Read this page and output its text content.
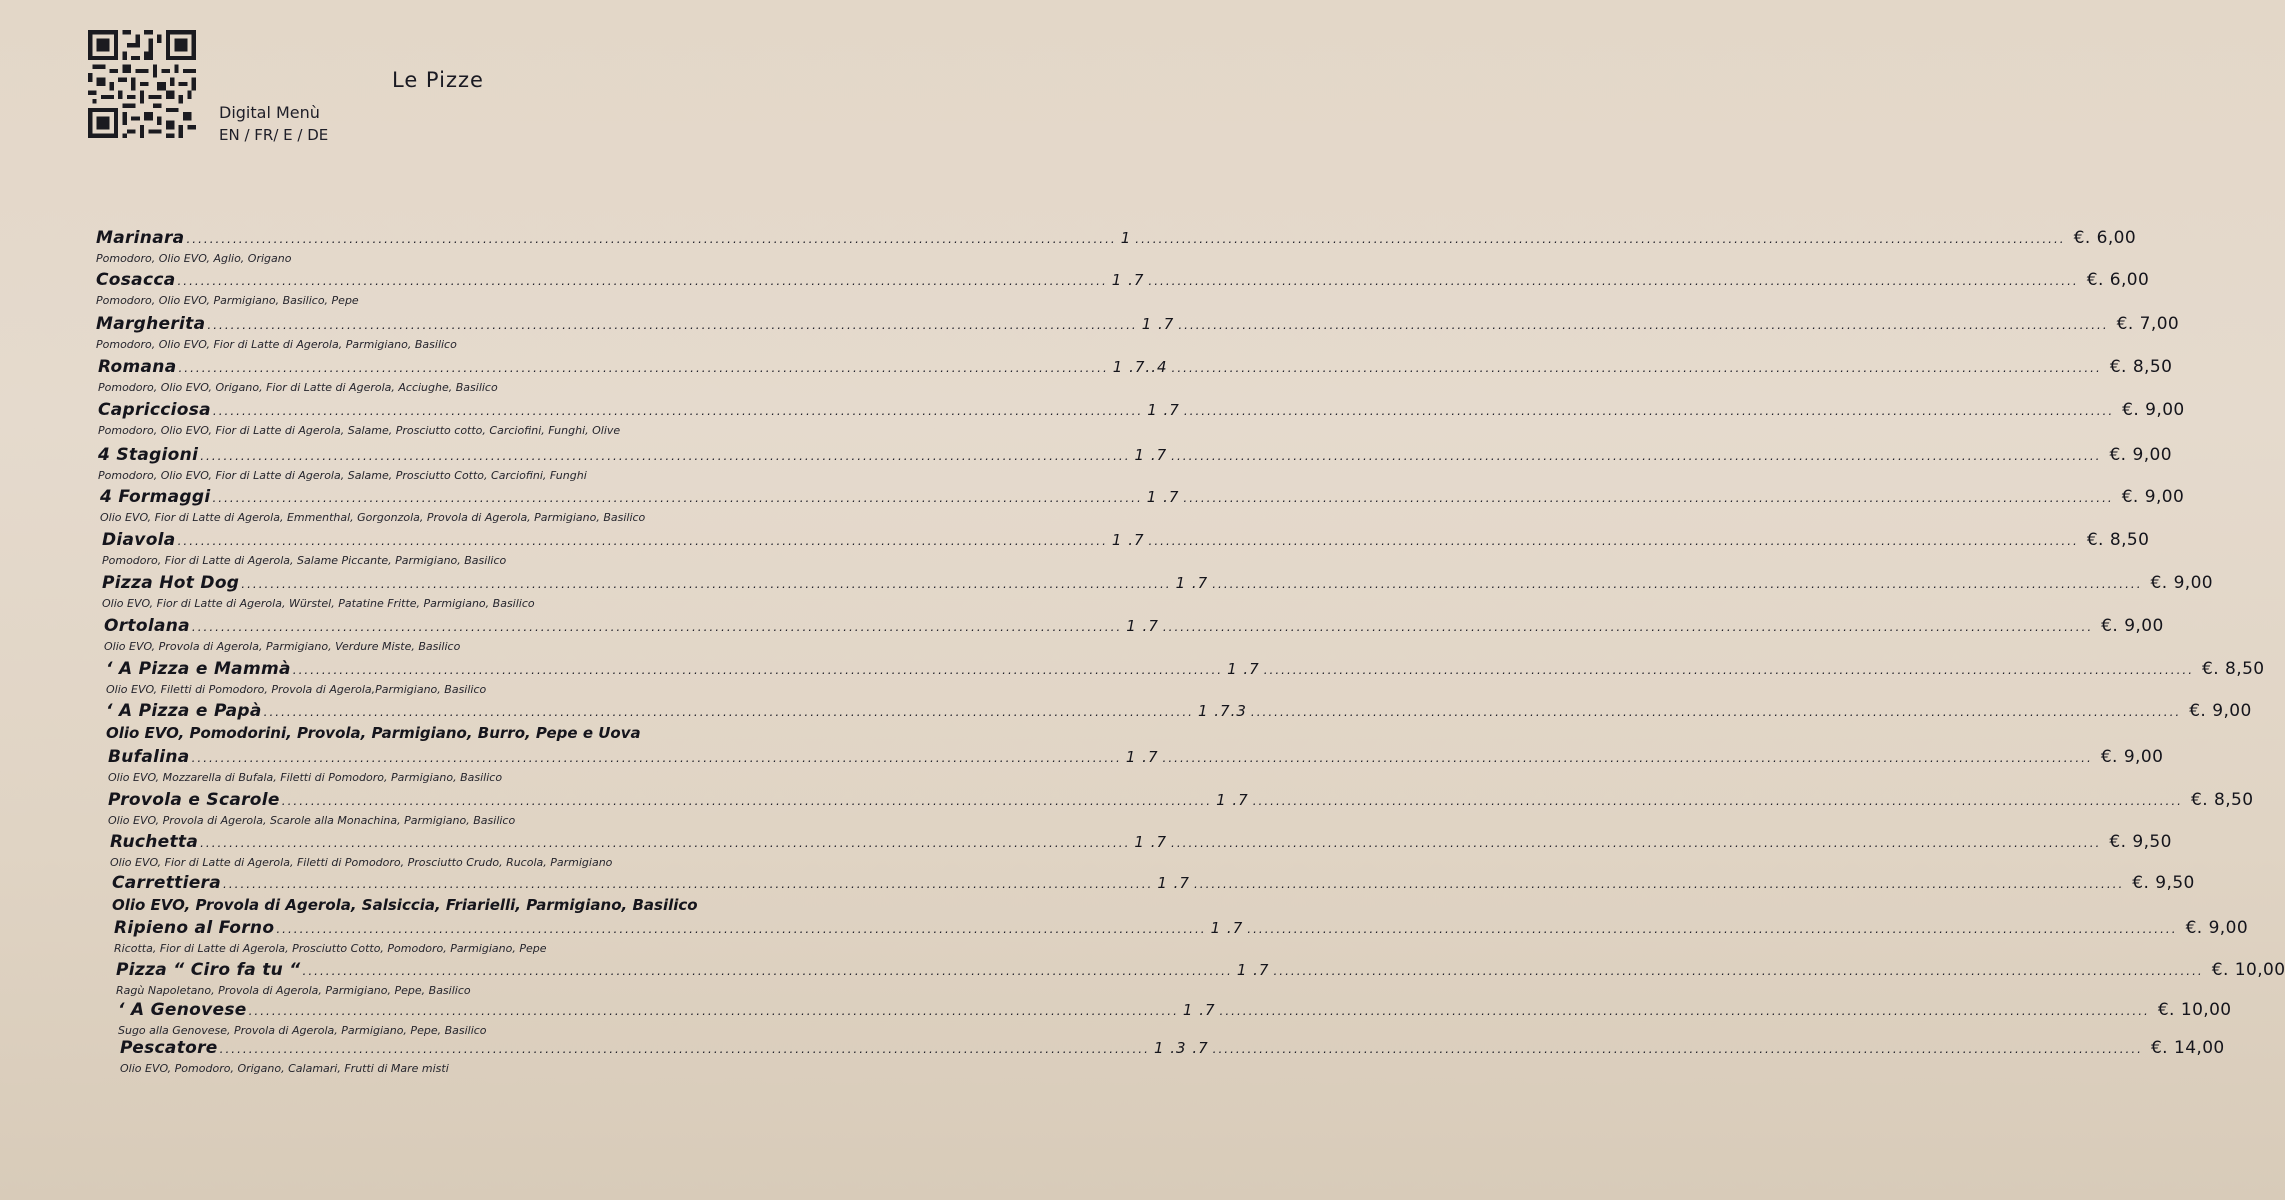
Le Pizze
Digital Menù
EN / FR/ E / DE
Marinara ................................................................................................................................................................ 1 ................................................................................................................................................................ €. 6,00
Pomodoro, Olio EVO, Aglio, Origano
Cosacca ................................................................................................................................................................ 1 .7 ................................................................................................................................................................ €. 6,00
Pomodoro, Olio EVO, Parmigiano, Basilico, Pepe
Margherita ................................................................................................................................................................ 1 .7 ................................................................................................................................................................ €. 7,00
Pomodoro, Olio EVO, Fior di Latte di Agerola, Parmigiano, Basilico
Romana ................................................................................................................................................................ 1 .7..4 ................................................................................................................................................................ €. 8,50
Pomodoro, Olio EVO, Origano, Fior di Latte di Agerola, Acciughe, Basilico
Capricciosa ................................................................................................................................................................ 1 .7 ................................................................................................................................................................ €. 9,00
Pomodoro, Olio EVO, Fior di Latte di Agerola, Salame, Prosciutto cotto, Carciofini, Funghi, Olive
4 Stagioni ................................................................................................................................................................ 1 .7 ................................................................................................................................................................ €. 9,00
Pomodoro, Olio EVO, Fior di Latte di Agerola, Salame, Prosciutto Cotto, Carciofini, Funghi
4 Formaggi ................................................................................................................................................................ 1 .7 ................................................................................................................................................................ €. 9,00
Olio EVO, Fior di Latte di Agerola, Emmenthal, Gorgonzola, Provola di Agerola, Parmigiano, Basilico
Diavola ................................................................................................................................................................ 1 .7 ................................................................................................................................................................ €. 8,50
Pomodoro, Fior di Latte di Agerola, Salame Piccante, Parmigiano, Basilico
Pizza Hot Dog ................................................................................................................................................................ 1 .7 ................................................................................................................................................................ €. 9,00
Olio EVO, Fior di Latte di Agerola, Würstel, Patatine Fritte, Parmigiano, Basilico
Ortolana ................................................................................................................................................................ 1 .7 ................................................................................................................................................................ €. 9,00
Olio EVO, Provola di Agerola, Parmigiano, Verdure Miste, Basilico
‘ A Pizza e Mammà ................................................................................................................................................................ 1 .7 ................................................................................................................................................................ €. 8,50
Olio EVO, Filetti di Pomodoro, Provola di Agerola,Parmigiano, Basilico
‘ A Pizza e Papà ................................................................................................................................................................ 1 .7.3 ................................................................................................................................................................ €. 9,00
Olio EVO, Pomodorini, Provola, Parmigiano, Burro, Pepe e Uova
Bufalina ................................................................................................................................................................ 1 .7 ................................................................................................................................................................ €. 9,00
Olio EVO, Mozzarella di Bufala, Filetti di Pomodoro, Parmigiano, Basilico
Provola e Scarole ................................................................................................................................................................ 1 .7 ................................................................................................................................................................ €. 8,50
Olio EVO, Provola di Agerola, Scarole alla Monachina, Parmigiano, Basilico
Ruchetta ................................................................................................................................................................ 1 .7 ................................................................................................................................................................ €. 9,50
Olio EVO, Fior di Latte di Agerola, Filetti di Pomodoro, Prosciutto Crudo, Rucola, Parmigiano
Carrettiera ................................................................................................................................................................ 1 .7 ................................................................................................................................................................ €. 9,50
Olio EVO, Provola di Agerola, Salsiccia, Friarielli, Parmigiano, Basilico
Ripieno al Forno ................................................................................................................................................................ 1 .7 ................................................................................................................................................................ €. 9,00
Ricotta, Fior di Latte di Agerola, Prosciutto Cotto, Pomodoro, Parmigiano, Pepe
Pizza “ Ciro fa tu “ ................................................................................................................................................................ 1 .7 ................................................................................................................................................................ €. 10,00
Ragù Napoletano, Provola di Agerola, Parmigiano, Pepe, Basilico
‘ A Genovese ................................................................................................................................................................ 1 .7 ................................................................................................................................................................ €. 10,00
Sugo alla Genovese, Provola di Agerola, Parmigiano, Pepe, Basilico
Pescatore ................................................................................................................................................................ 1 .3 .7 ................................................................................................................................................................ €. 14,00
Olio EVO, Pomodoro, Origano, Calamari, Frutti di Mare misti
